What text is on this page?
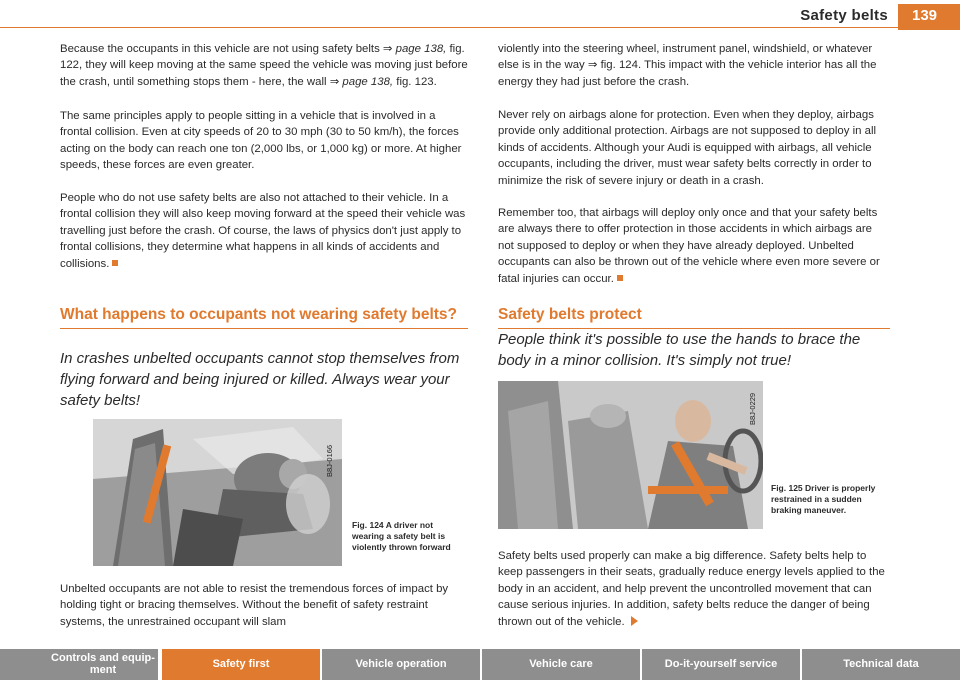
Safety belts 139

Because the occupants in this vehicle are not using safety belts ⇒ page 138, fig. 122, they will keep moving at the same speed the vehicle was moving just before the crash, until something stops them - here, the wall ⇒ page 138, fig. 123.

The same principles apply to people sitting in a vehicle that is involved in a frontal collision. Even at city speeds of 20 to 30 mph (30 to 50 km/h), the forces acting on the body can reach one ton (2,000 lbs, or 1,000 kg) or more. At higher speeds, these forces are even greater.

People who do not use safety belts are also not attached to their vehicle. In a frontal collision they will also keep moving forward at the speed their vehicle was travelling just before the crash. Of course, the laws of physics don't just apply to frontal collisions, they determine what happens in all kinds of accidents and collisions.

What happens to occupants not wearing safety belts?

In crashes unbelted occupants cannot stop themselves from flying forward and being injured or killed. Always wear your safety belts!

B8J-0166
Fig. 124 A driver not wearing a safety belt is violently thrown forward

Unbelted occupants are not able to resist the tremendous forces of impact by holding tight or bracing themselves. Without the benefit of safety restraint systems, the unrestrained occupant will slam

violently into the steering wheel, instrument panel, windshield, or whatever else is in the way ⇒ fig. 124. This impact with the vehicle interior has all the energy they had just before the crash.

Never rely on airbags alone for protection. Even when they deploy, airbags provide only additional protection. Airbags are not supposed to deploy in all kinds of accidents. Although your Audi is equipped with airbags, all vehicle occupants, including the driver, must wear safety belts correctly in order to minimize the risk of severe injury or death in a crash.

Remember too, that airbags will deploy only once and that your safety belts are always there to offer protection in those accidents in which airbags are not supposed to deploy or when they have already deployed. Unbelted occupants can also be thrown out of the vehicle where even more severe or fatal injuries can occur.

Safety belts protect

People think it's possible to use the hands to brace the body in a minor collision. It's simply not true!

B8J-0229
Fig. 125 Driver is properly restrained in a sudden braking maneuver.

Safety belts used properly can make a big difference. Safety belts help to keep passengers in their seats, gradually reduce energy levels applied to the body in an accident, and help prevent the uncontrolled movement that can cause serious injuries. In addition, safety belts reduce the danger of being thrown out of the vehicle.

Controls and equip-
ment	Safety first	Vehicle operation	Vehicle care	Do-it-yourself service	Technical data
